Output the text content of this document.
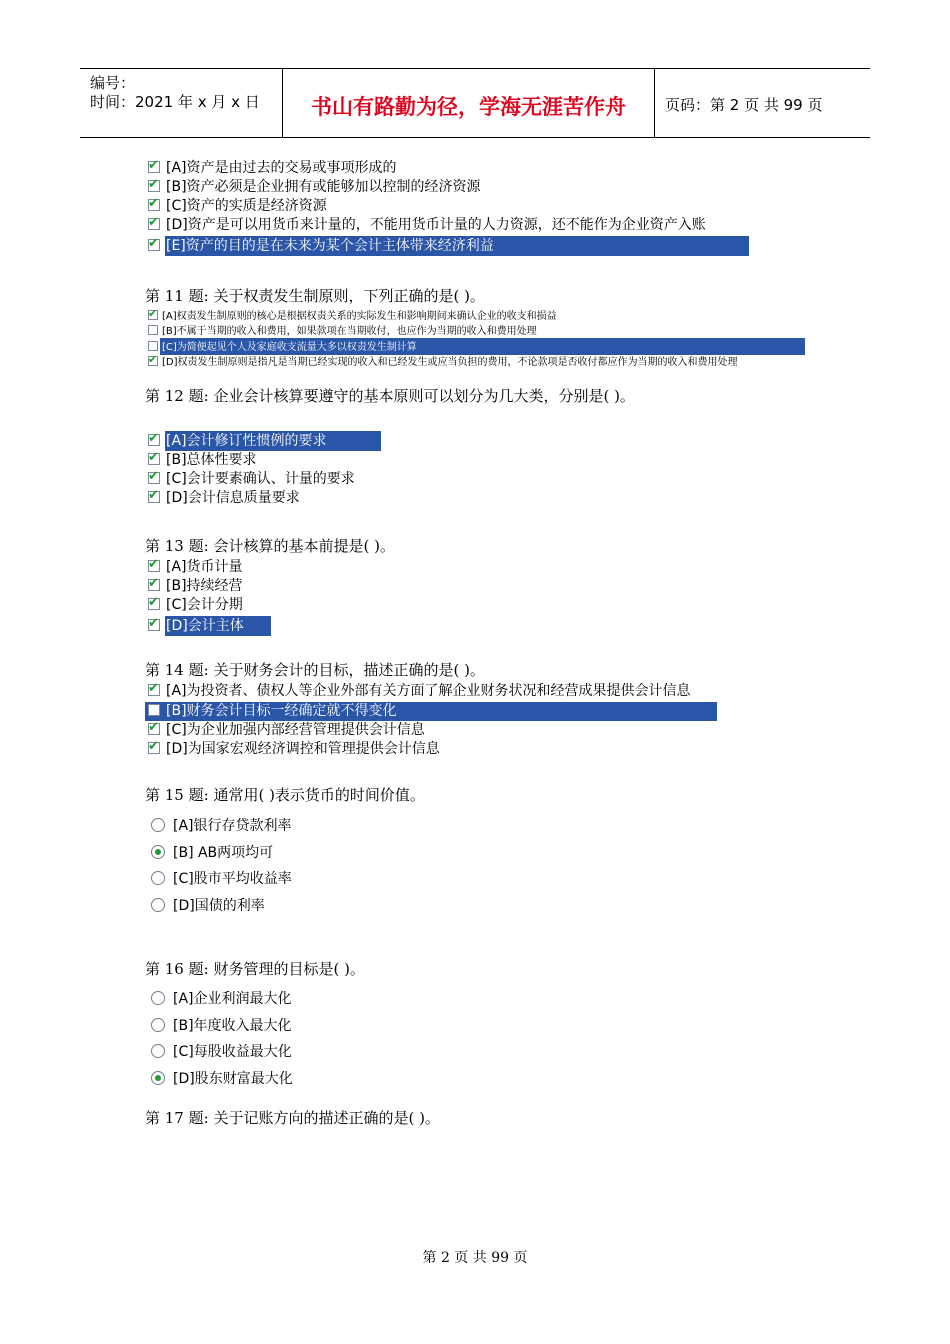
编号：
时间：2021 年 x 月 x 日	书山有路勤为径，学海无涯苦作舟	页码：第 2 页 共 99 页
✔
[A]资产是由过去的交易或事项形成的
✔
[B]资产必须是企业拥有或能够加以控制的经济资源
✔
[C]资产的实质是经济资源
✔
[D]资产是可以用货币来计量的，不能用货币计量的人力资源，还不能作为企业资产入账
✔
[E]资产的目的是在未来为某个会计主体带来经济利益
第 11 题: 关于权责发生制原则，下列正确的是( )。
✔
[A]权责发生制原则的核心是根据权责关系的实际发生和影响期间来确认企业的收支和损益
[B]不属于当期的收入和费用，如果款项在当期收付，也应作为当期的收入和费用处理
[C]为简便起见个人及家庭收支流量大多以权责发生制计算
✔
[D]权责发生制原则是指凡是当期已经实现的收入和已经发生或应当负担的费用，不论款项是否收付都应作为当期的收入和费用处理
第 12 题: 企业会计核算要遵守的基本原则可以划分为几大类，分别是( )。
✔
[A]会计修订性惯例的要求
✔
[B]总体性要求
✔
[C]会计要素确认、计量的要求
✔
[D]会计信息质量要求
第 13 题: 会计核算的基本前提是( )。
✔
[A]货币计量
✔
[B]持续经营
✔
[C]会计分期
✔
[D]会计主体
第 14 题: 关于财务会计的目标，描述正确的是( )。
✔
[A]为投资者、债权人等企业外部有关方面了解企业财务状况和经营成果提供会计信息
[B]财务会计目标一经确定就不得变化
✔
[C]为企业加强内部经营管理提供会计信息
✔
[D]为国家宏观经济调控和管理提供会计信息
第 15 题: 通常用( )表示货币的时间价值。
[A]银行存贷款利率
[B] AB两项均可
[C]股市平均收益率
[D]国债的利率
第 16 题: 财务管理的目标是( )。
[A]企业利润最大化
[B]年度收入最大化
[C]每股收益最大化
[D]股东财富最大化
第 17 题: 关于记账方向的描述正确的是( )。
第 2 页 共 99 页
